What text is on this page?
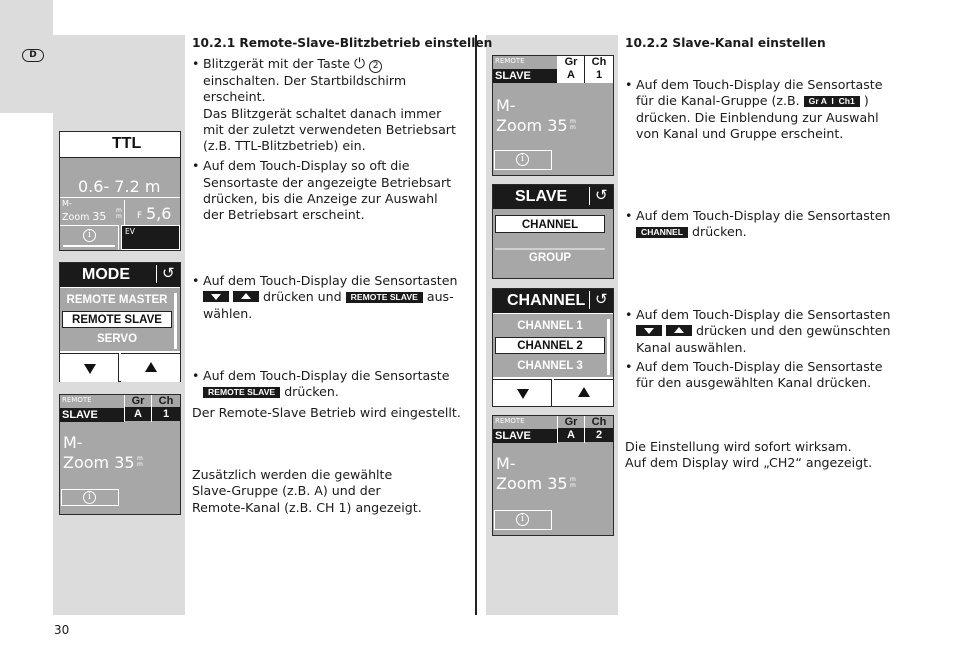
D
30
TTL
0.6- 7.2 m
M-
Zoom 35 m m F 5,6
i	EV
MODE ↺
REMOTE MASTER
REMOTE SLAVE
SERVO
REMOTE
SLAVE
Gr
A
Ch
1
M-
Zoom 35 m m
i
10.2.1 Remote-Slave-Blitzbetrieb einstellen
• Blitzgerät mit der Taste ⏻ 2 einschalten. Der Startbildschirm erscheint.
Das Blitzgerät schaltet danach immer mit der zuletzt verwendeten Betriebsart (z.B. TTL-Blitzbetrieb) ein.
• Auf dem Touch-Display so oft die Sensortaste der angezeigte Betriebsart drücken, bis die Anzeige zur Auswahl der Betriebsart erscheint.
• Auf dem Touch-Display die Sensortasten
drücken und REMOTE SLAVE aus-wählen.
• Auf dem Touch-Display die Sensortaste
REMOTE SLAVE drücken.
Der Remote-Slave Betrieb wird eingestellt.
Zusätzlich werden die gewählte Slave-Gruppe (z.B. A) und der Remote-Kanal (z.B. CH 1) angezeigt.
REMOTE
SLAVE
Gr
A
Ch
1
M-
Zoom 35 m m
i
SLAVE ↺
CHANNEL
GROUP
CHANNEL ↺
CHANNEL 1
CHANNEL 2
CHANNEL 3
REMOTE
SLAVE
Gr
A
Ch
2
M-
Zoom 35 m m
i
10.2.2 Slave-Kanal einstellen
• Auf dem Touch-Display die Sensortaste für die Kanal-Gruppe (z.B. Gr A  I  Ch1 ) drücken. Die Einblendung zur Auswahl von Kanal und Gruppe erscheint.
• Auf dem Touch-Display die Sensortasten
CHANNEL drücken.
• Auf dem Touch-Display die Sensortasten
drücken und den gewünschten Kanal auswählen.
• Auf dem Touch-Display die Sensortaste für den ausgewählten Kanal drücken.
Die Einstellung wird sofort wirksam.
Auf dem Display wird „CH2“ angezeigt.
